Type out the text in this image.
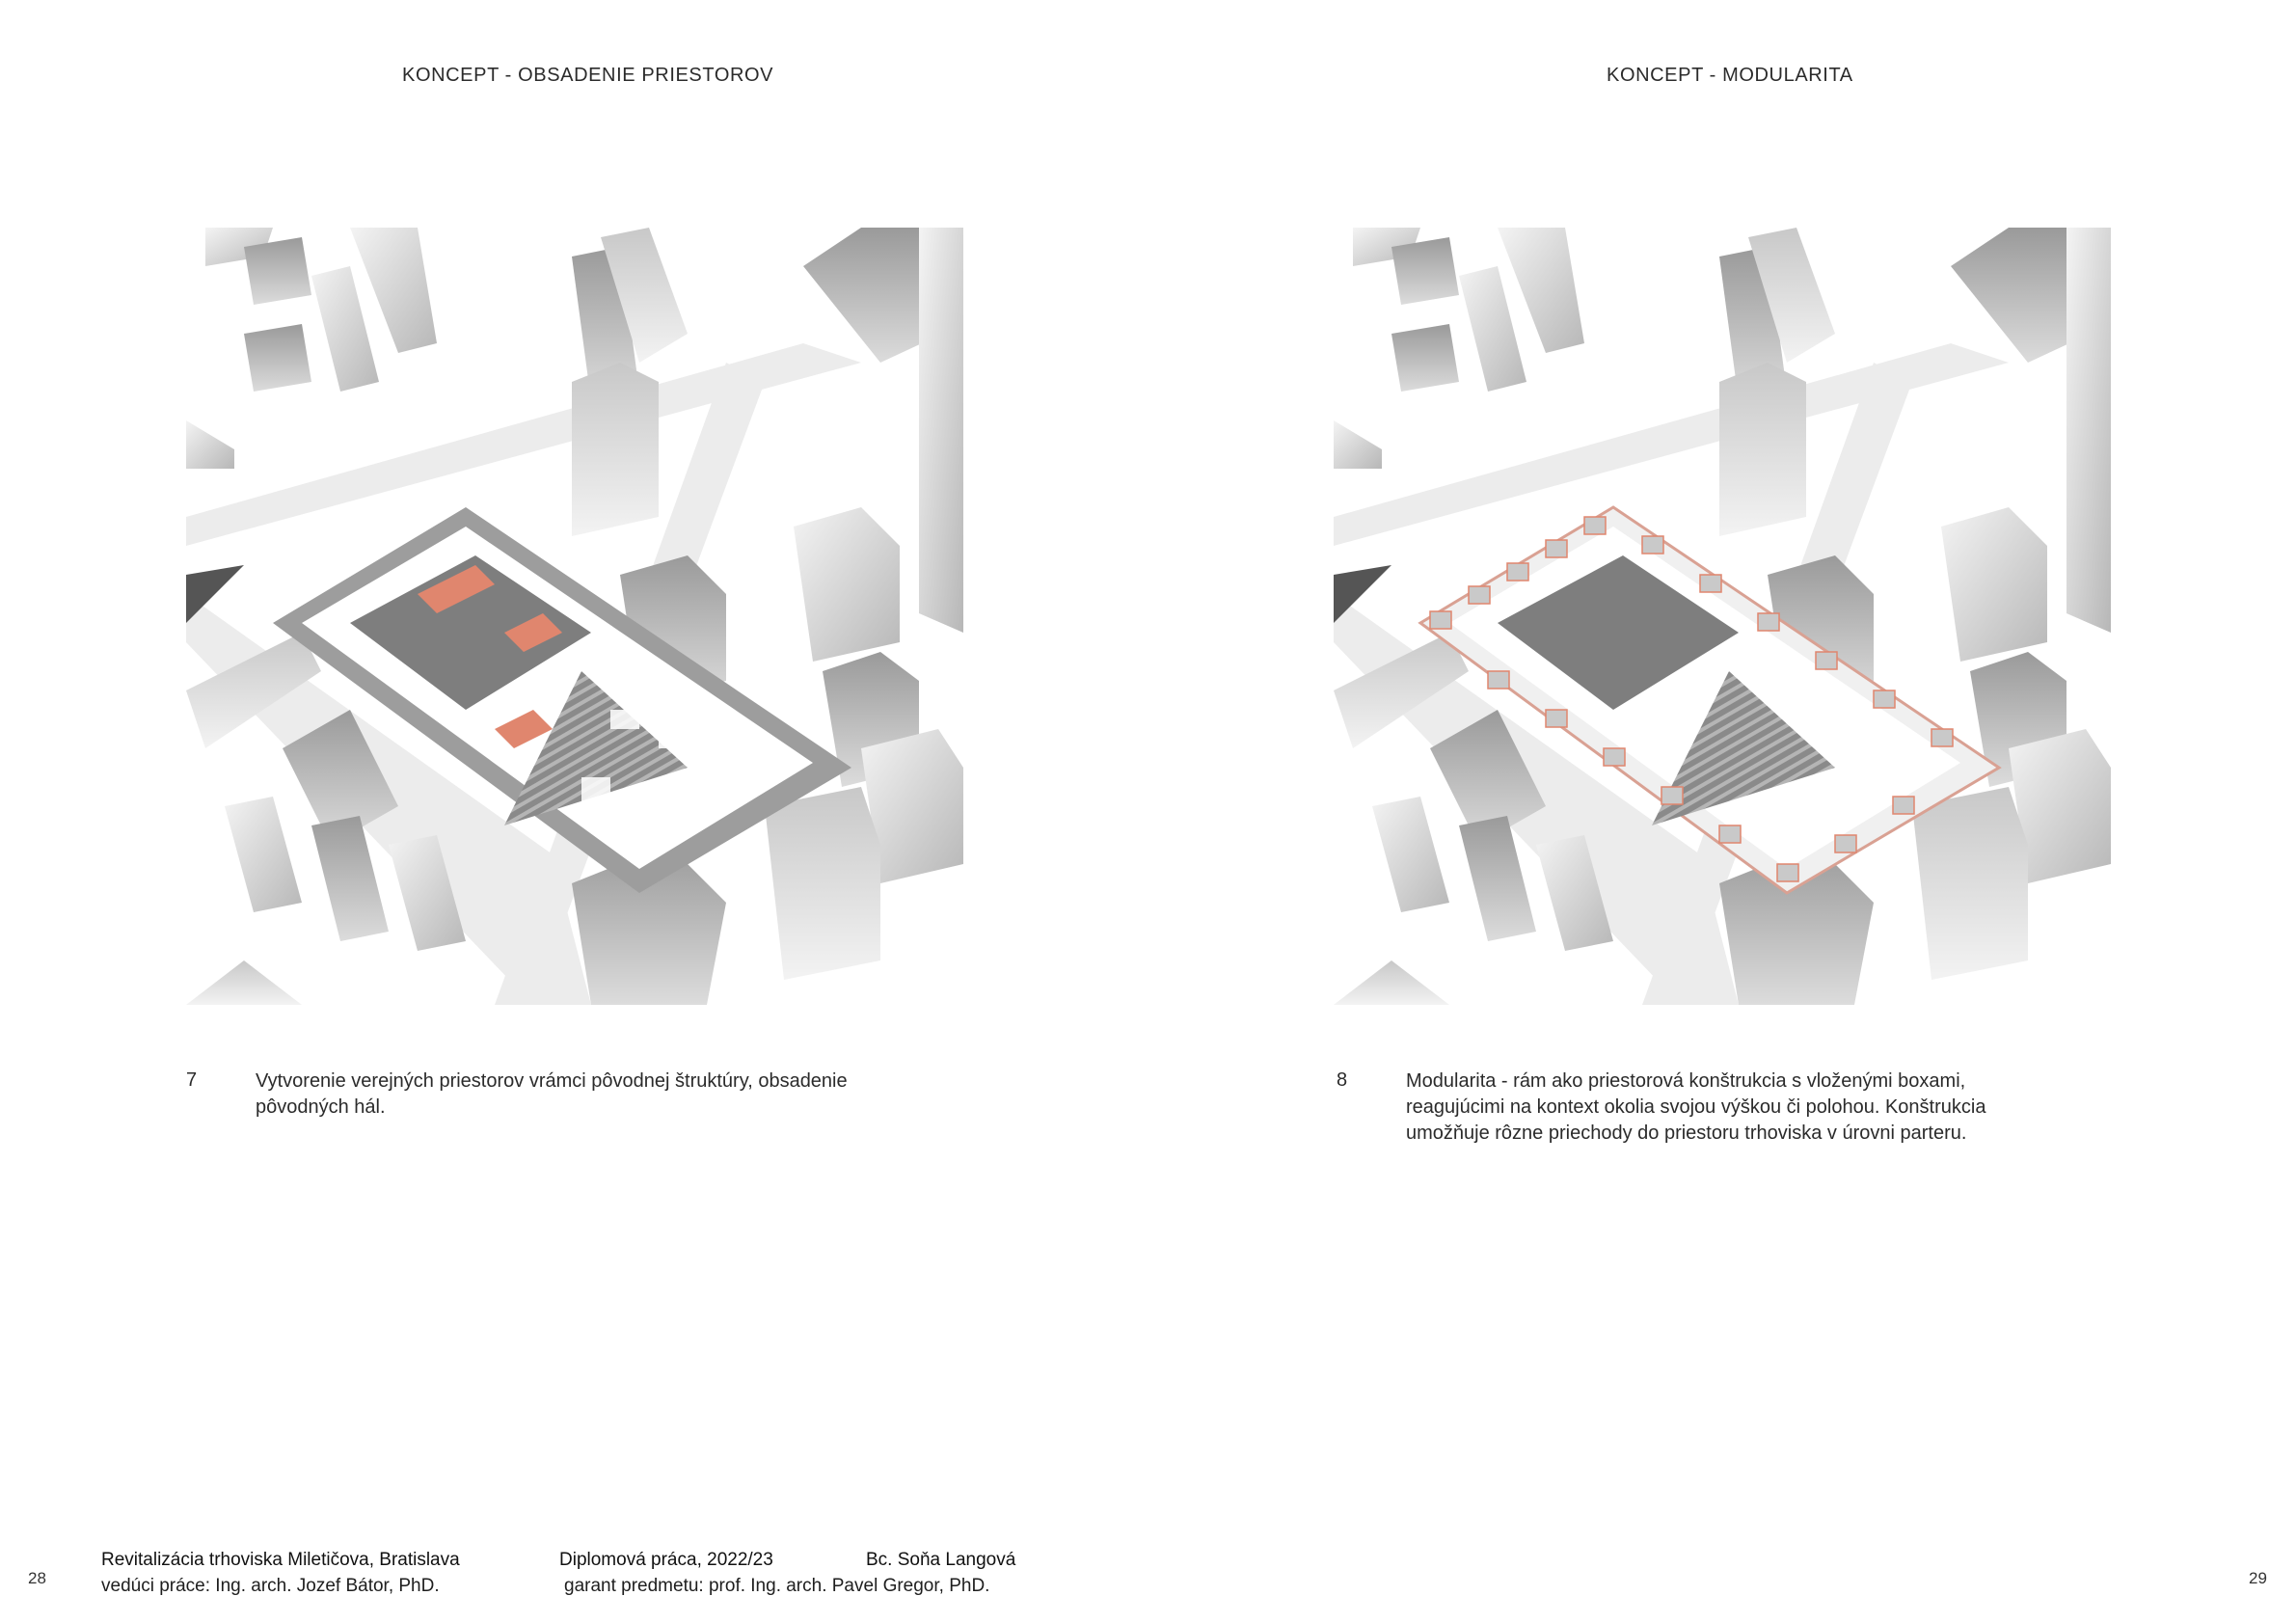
KONCEPT - OBSADENIE PRIESTOROV
7	Vytvorenie verejných priestorov vrámci pôvodnej štruktúry, obsadenie
pôvodných hál.
KONCEPT - MODULARITA
8	Modularita - rám ako priestorová konštrukcia s vloženými boxami,
reagujúcimi na kontext okolia svojou výškou či polohou. Konštrukcia
umožňuje rôzne priechody do priestoru trhoviska v úrovni parteru.
28
Revitalizácia trhoviska Miletičova, Bratislava
vedúci práce: Ing. arch. Jozef Bátor, PhD.
Diplomová práca, 2022/23
garant predmetu: prof. Ing. arch. Pavel Gregor, PhD.
Bc. Soňa Langová
29
